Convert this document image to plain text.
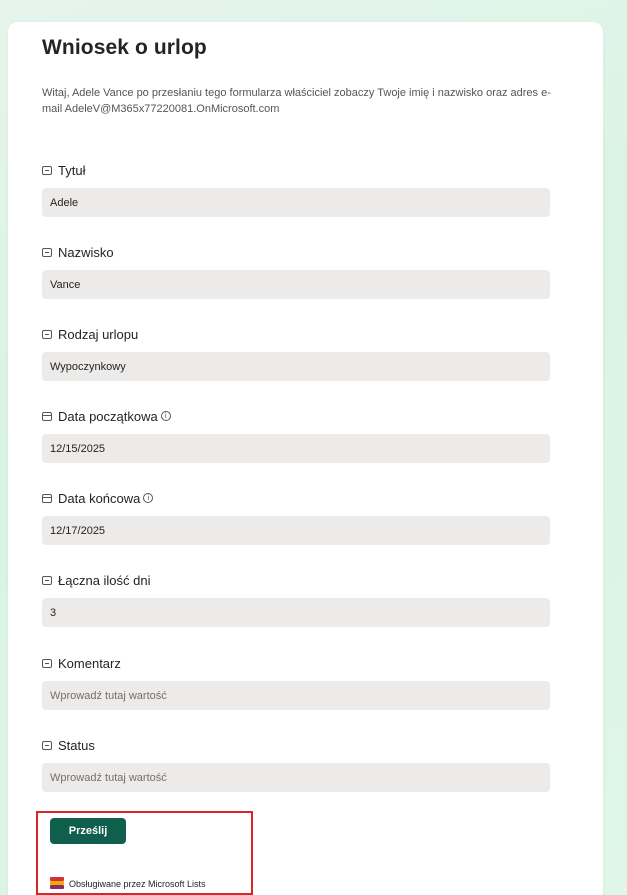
Wniosek o urlop
Witaj, Adele Vance po przesłaniu tego formularza właściciel zobaczy Twoje imię i nazwisko oraz adres e-mail AdeleV@M365x77220081.OnMicrosoft.com
Tytuł
Adele
Nazwisko
Vance
Rodzaj urlopu
Wypoczynkowy
Data początkowa	i
12/15/2025
Data końcowa	i
12/17/2025
Łączna ilość dni
3
Komentarz
Wprowadź tutaj wartość
Status
Wprowadź tutaj wartość
Prześlij
Obsługiwane przez Microsoft Lists
